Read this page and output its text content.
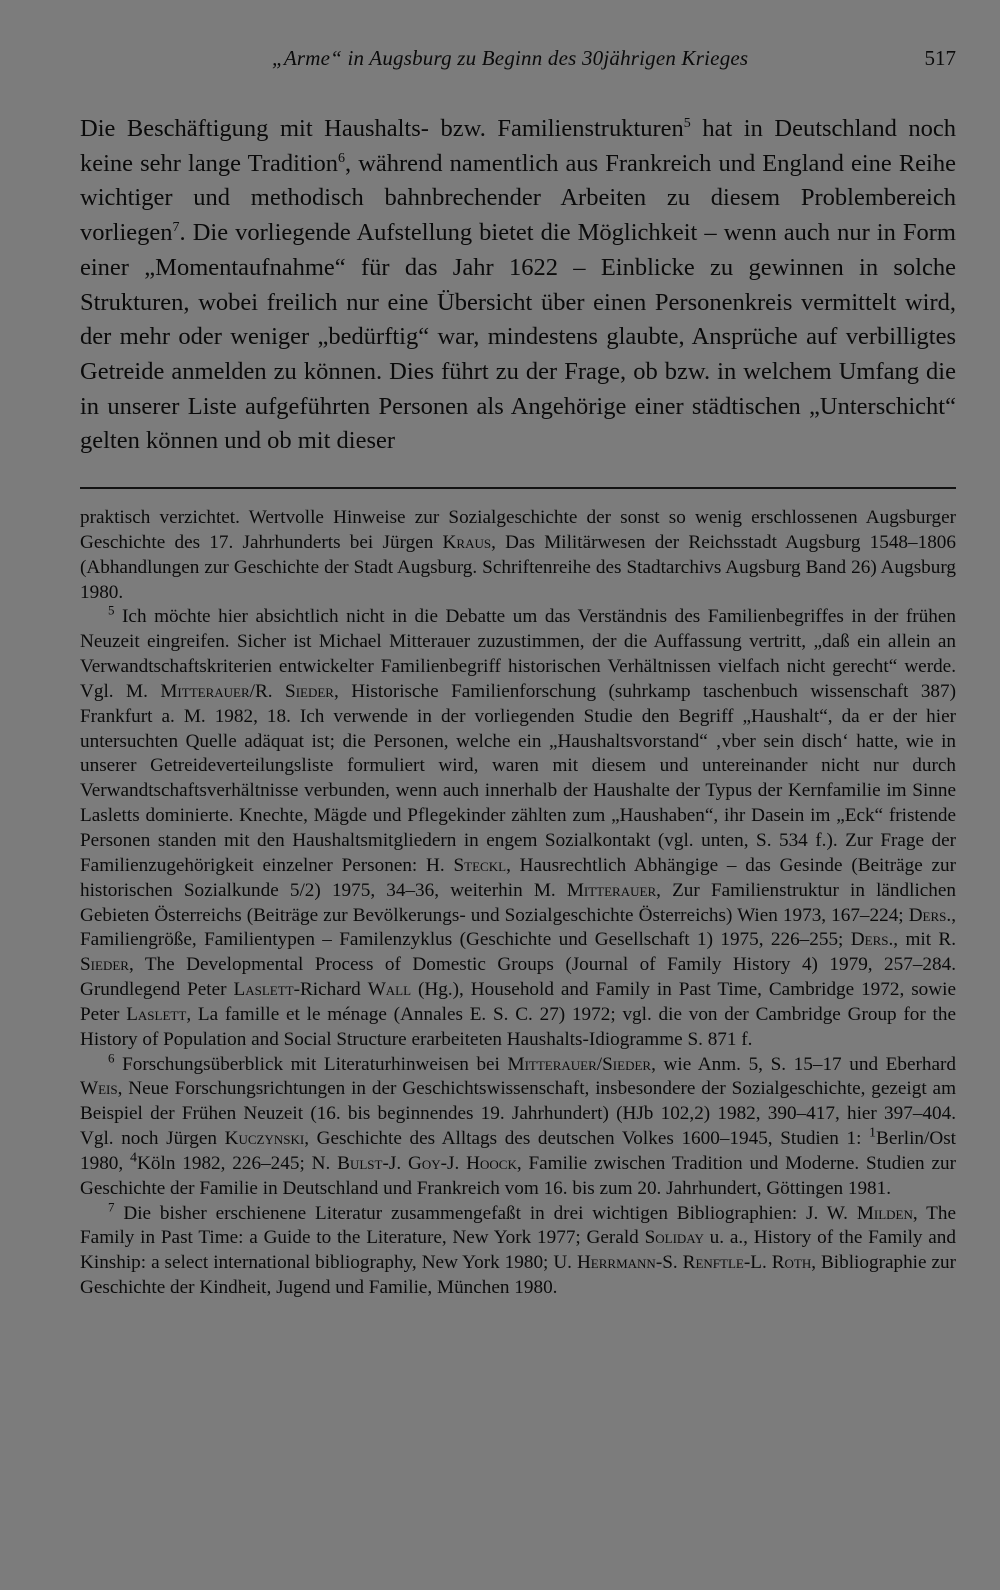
„Arme“ in Augsburg zu Beginn des 30jährigen Krieges	517
Die Beschäftigung mit Haushalts- bzw. Familienstrukturen$^5$ hat in Deutschland noch keine sehr lange Tradition$^6$, während namentlich aus Frankreich und England eine Reihe wichtiger und methodisch bahnbrechender Arbeiten zu diesem Problembereich vorliegen$^7$. Die vorliegende Aufstellung bietet die Möglichkeit – wenn auch nur in Form einer „Momentaufnahme“ für das Jahr 1622 – Einblicke zu gewinnen in solche Strukturen, wobei freilich nur eine Übersicht über einen Personenkreis vermittelt wird, der mehr oder weniger „bedürftig“ war, mindestens glaubte, Ansprüche auf verbilligtes Getreide anmelden zu können. Dies führt zu der Frage, ob bzw. in welchem Umfang die in unserer Liste aufgeführten Personen als Angehörige einer städtischen „Unterschicht“ gelten können und ob mit dieser

praktisch verzichtet. Wertvolle Hinweise zur Sozialgeschichte der sonst so wenig erschlossenen Augsburger Geschichte des 17. Jahrhunderts bei Jürgen Kraus, Das Militärwesen der Reichsstadt Augsburg 1548–1806 (Abhandlungen zur Geschichte der Stadt Augsburg. Schriftenreihe des Stadtarchivs Augsburg Band 26) Augsburg 1980.

$^5$ Ich möchte hier absichtlich nicht in die Debatte um das Verständnis des Familienbegriffes in der frühen Neuzeit eingreifen. Sicher ist Michael Mitterauer zuzustimmen, der die Auffassung vertritt, „daß ein allein an Verwandtschaftskriterien entwickelter Familienbegriff historischen Verhältnissen vielfach nicht gerecht“ werde. Vgl. M. Mitterauer/R. Sieder, Historische Familienforschung (suhrkamp taschenbuch wissenschaft 387) Frankfurt a. M. 1982, 18. Ich verwende in der vorliegenden Studie den Begriff „Haushalt“, da er der hier untersuchten Quelle adäquat ist; die Personen, welche ein „Haushaltsvorstand“ ‚vber sein disch‘ hatte, wie in unserer Getreideverteilungsliste formuliert wird, waren mit diesem und untereinander nicht nur durch Verwandtschaftsverhältnisse verbunden, wenn auch innerhalb der Haushalte der Typus der Kernfamilie im Sinne Lasletts dominierte. Knechte, Mägde und Pflegekinder zählten zum „Haushaben“, ihr Dasein im „Eck“ fristende Personen standen mit den Haushaltsmitgliedern in engem Sozialkontakt (vgl. unten, S. 534 f.). Zur Frage der Familienzugehörigkeit einzelner Personen: H. Steckl, Hausrechtlich Abhängige – das Gesinde (Beiträge zur historischen Sozialkunde 5/2) 1975, 34–36, weiterhin M. Mitterauer, Zur Familienstruktur in ländlichen Gebieten Österreichs (Beiträge zur Bevölkerungs- und Sozialgeschichte Österreichs) Wien 1973, 167–224; Ders., Familiengröße, Familientypen – Familenzyklus (Geschichte und Gesellschaft 1) 1975, 226–255; Ders., mit R. Sieder, The Developmental Process of Domestic Groups (Journal of Family History 4) 1979, 257–284. Grundlegend Peter Laslett-Richard Wall (Hg.), Household and Family in Past Time, Cambridge 1972, sowie Peter Laslett, La famille et le ménage (Annales E. S. C. 27) 1972; vgl. die von der Cambridge Group for the History of Population and Social Structure erarbeiteten Haushalts-Idiogramme S. 871 f.

$^6$ Forschungsüberblick mit Literaturhinweisen bei Mitterauer/Sieder, wie Anm. 5, S. 15–17 und Eberhard Weis, Neue Forschungsrichtungen in der Geschichtswissenschaft, insbesondere der Sozialgeschichte, gezeigt am Beispiel der Frühen Neuzeit (16. bis beginnendes 19. Jahrhundert) (HJb 102,2) 1982, 390–417, hier 397–404. Vgl. noch Jürgen Kuczynski, Geschichte des Alltags des deutschen Volkes 1600–1945, Studien 1: $^1$Berlin/Ost 1980, $^4$Köln 1982, 226–245; N. Bulst-J. Goy-J. Hoock, Familie zwischen Tradition und Moderne. Studien zur Geschichte der Familie in Deutschland und Frankreich vom 16. bis zum 20. Jahrhundert, Göttingen 1981.

$^7$ Die bisher erschienene Literatur zusammengefaßt in drei wichtigen Bibliographien: J. W. Milden, The Family in Past Time: a Guide to the Literature, New York 1977; Gerald Soliday u. a., History of the Family and Kinship: a select international bibliography, New York 1980; U. Herrmann-S. Renftle-L. Roth, Bibliographie zur Geschichte der Kindheit, Jugend und Familie, München 1980.
